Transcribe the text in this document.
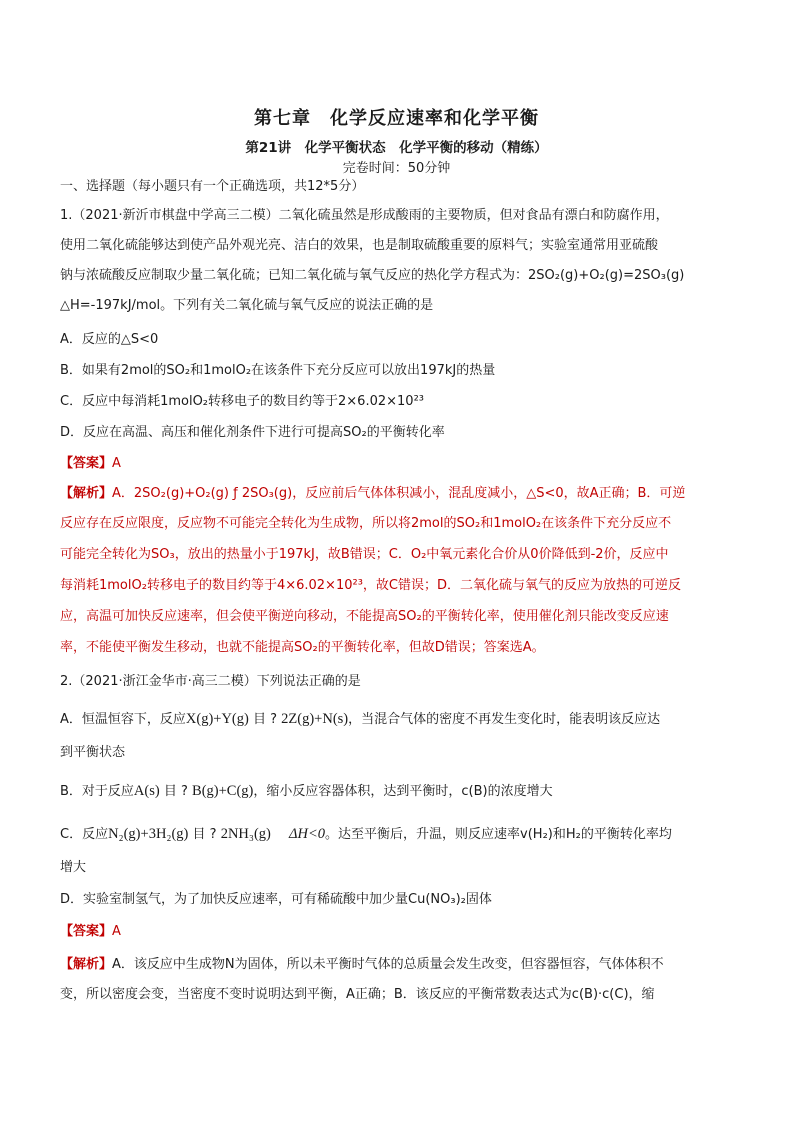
第七章　化学反应速率和化学平衡
第21讲　化学平衡状态　化学平衡的移动（精练）
完卷时间：50分钟
一、选择题（每小题只有一个正确选项，共12*5分）
1.（2021·新沂市棋盘中学高三二模）二氧化硫虽然是形成酸雨的主要物质，但对食品有漂白和防腐作用，
使用二氧化硫能够达到使产品外观光亮、洁白的效果，也是制取硫酸重要的原料气；实验室通常用亚硫酸
钠与浓硫酸反应制取少量二氧化硫；已知二氧化硫与氧气反应的热化学方程式为：2SO₂(g)+O₂(g)=2SO₃(g)
△H=-197kJ/mol。下列有关二氧化硫与氧气反应的说法正确的是
A．反应的△S<0
B．如果有2mol的SO₂和1molO₂在该条件下充分反应可以放出197kJ的热量
C．反应中每消耗1molO₂转移电子的数目约等于2×6.02×10²³
D．反应在高温、高压和催化剂条件下进行可提高SO₂的平衡转化率
【答案】A
【解析】A．2SO₂(g)+O₂(g) ƒ 2SO₃(g)，反应前后气体体积减小，混乱度减小，△S<0，故A正确；B．可逆
反应存在反应限度，反应物不可能完全转化为生成物，所以将2mol的SO₂和1molO₂在该条件下充分反应不
可能完全转化为SO₃，放出的热量小于197kJ，故B错误；C．O₂中氧元素化合价从0价降低到-2价，反应中
每消耗1molO₂转移电子的数目约等于4×6.02×10²³，故C错误；D．二氧化硫与氧气的反应为放热的可逆反
应，高温可加快反应速率，但会使平衡逆向移动，不能提高SO₂的平衡转化率，使用催化剂只能改变反应速
率，不能使平衡发生移动，也就不能提高SO₂的平衡转化率，但故D错误；答案选A。
2.（2021·浙江金华市·高三二模）下列说法正确的是
A．恒温恒容下，反应X(g)+Y(g) 目 ? 2Z(g)+N(s)，当混合气体的密度不再发生变化时，能表明该反应达
到平衡状态
B．对于反应A(s) 目 ? B(g)+C(g)，缩小反应容器体积，达到平衡时，c(B)的浓度增大
C．反应N₂(g)+3H₂(g) 目 ? 2NH₃(g) ΔH<0。达至平衡后，升温，则反应速率v(H₂)和H₂的平衡转化率均
增大
D．实验室制氢气，为了加快反应速率，可有稀硫酸中加少量Cu(NO₃)₂固体
【答案】A
【解析】A．该反应中生成物N为固体，所以未平衡时气体的总质量会发生改变，但容器恒容，气体体积不
变，所以密度会变，当密度不变时说明达到平衡，A正确；B．该反应的平衡常数表达式为c(B)·c(C)，缩
